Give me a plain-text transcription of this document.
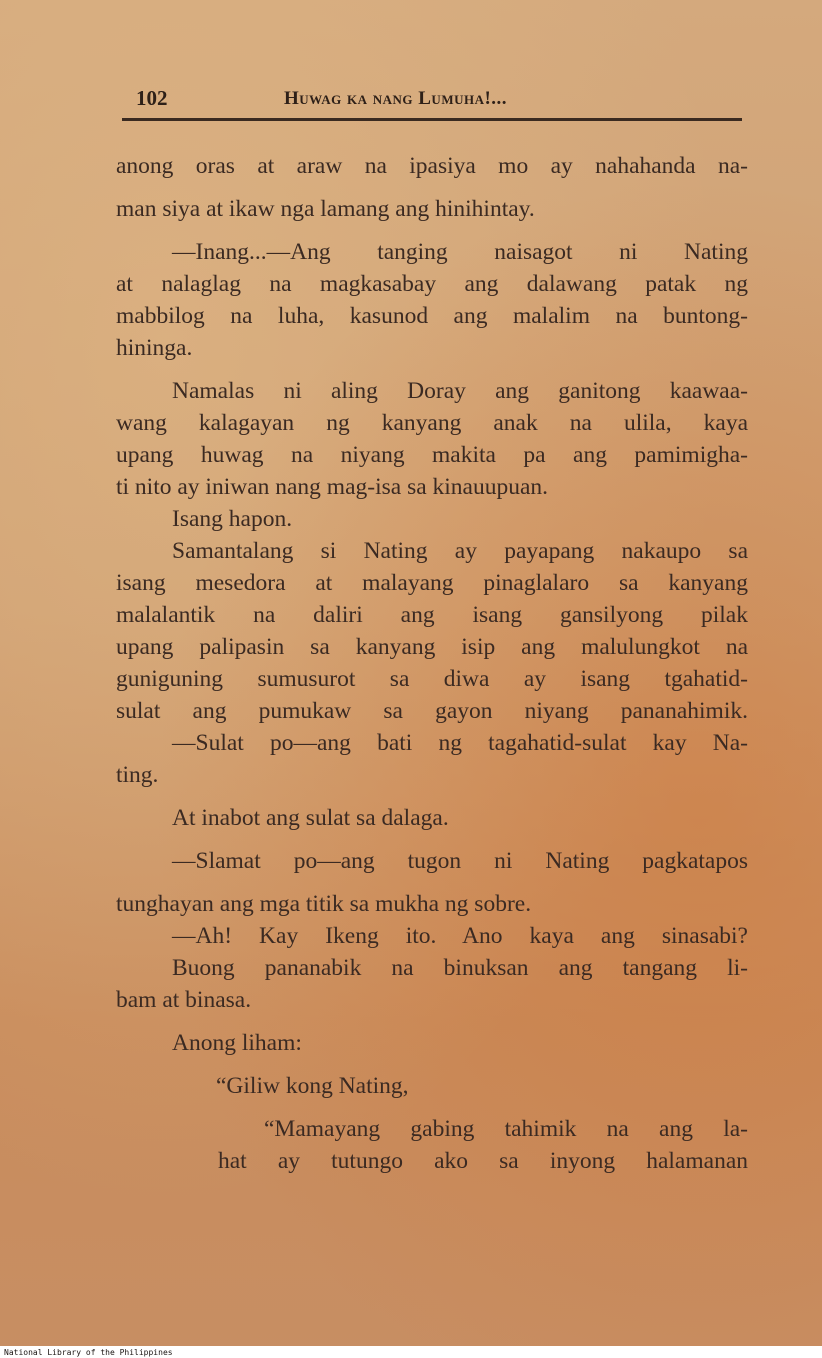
102	Huwag ka nang Lumuha!...
anong oras at araw na ipasiya mo ay nahahanda na-
man siya at ikaw nga lamang ang hinihintay.
—Inang...—Ang tanging naisagot ni Nating
at nalaglag na magkasabay ang dalawang patak ng
mabbilog na luha, kasunod ang malalim na buntong-
hininga.
Namalas ni aling Doray ang ganitong kaawaa-
wang kalagayan ng kanyang anak na ulila, kaya
upang huwag na niyang makita pa ang pamimigha-
ti nito ay iniwan nang mag-isa sa kinauupuan.
Isang hapon.
Samantalang si Nating ay payapang nakaupo sa
isang mesedora at malayang pinaglalaro sa kanyang
malalantik na daliri ang isang gansilyong pilak
upang palipasin sa kanyang isip ang malulungkot na
guniguning sumusurot sa diwa ay isang tgahatid-
sulat ang pumukaw sa gayon niyang pananahimik.
—Sulat po—ang bati ng tagahatid-sulat kay Na-
ting.
At inabot ang sulat sa dalaga.
—Slamat po—ang tugon ni Nating pagkatapos
tunghayan ang mga titik sa mukha ng sobre.
—Ah! Kay Ikeng ito. Ano kaya ang sinasabi?
Buong pananabik na binuksan ang tangang li-
bam at binasa.
Anong liham:
“Giliw kong Nating,
“Mamayang gabing tahimik na ang la-
hat ay tutungo ako sa inyong halamanan
National Library of the Philippines
